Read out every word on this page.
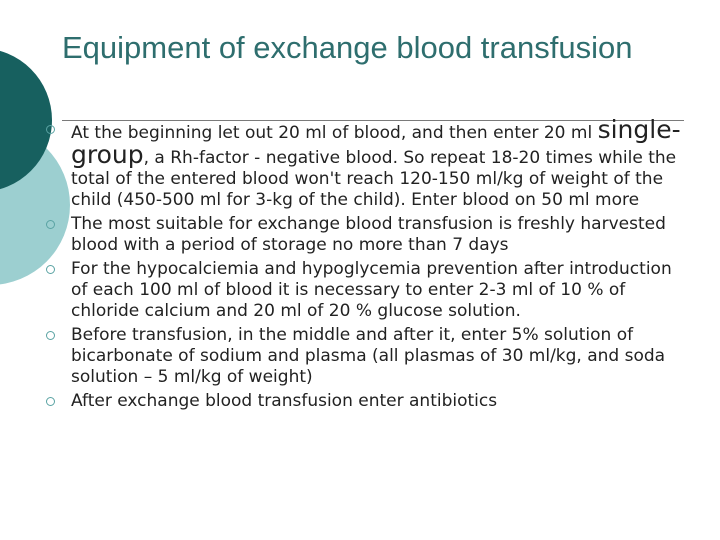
Equipment of exchange blood transfusion
At the beginning let out 20 ml of blood, and then enter 20 ml single-group, a Rh-factor - negative blood. So repeat 18-20 times while the total of the entered blood won't reach 120-150 ml/kg of weight of the child (450-500 ml for 3-kg of the child). Enter blood on 50 ml more
The most suitable for exchange blood transfusion is freshly harvested blood with a period of storage no more than 7 days
For the hypocalciemia and hypoglycemia prevention after introduction of each 100 ml of blood it is necessary to enter 2-3 ml of 10 % of chloride calcium and 20 ml of 20 % glucose solution.
Before transfusion, in the middle and after it, enter 5% solution of bicarbonate of sodium and plasma (all plasmas of 30 ml/kg, and soda solution – 5 ml/kg of weight)
After exchange blood transfusion enter antibiotics
